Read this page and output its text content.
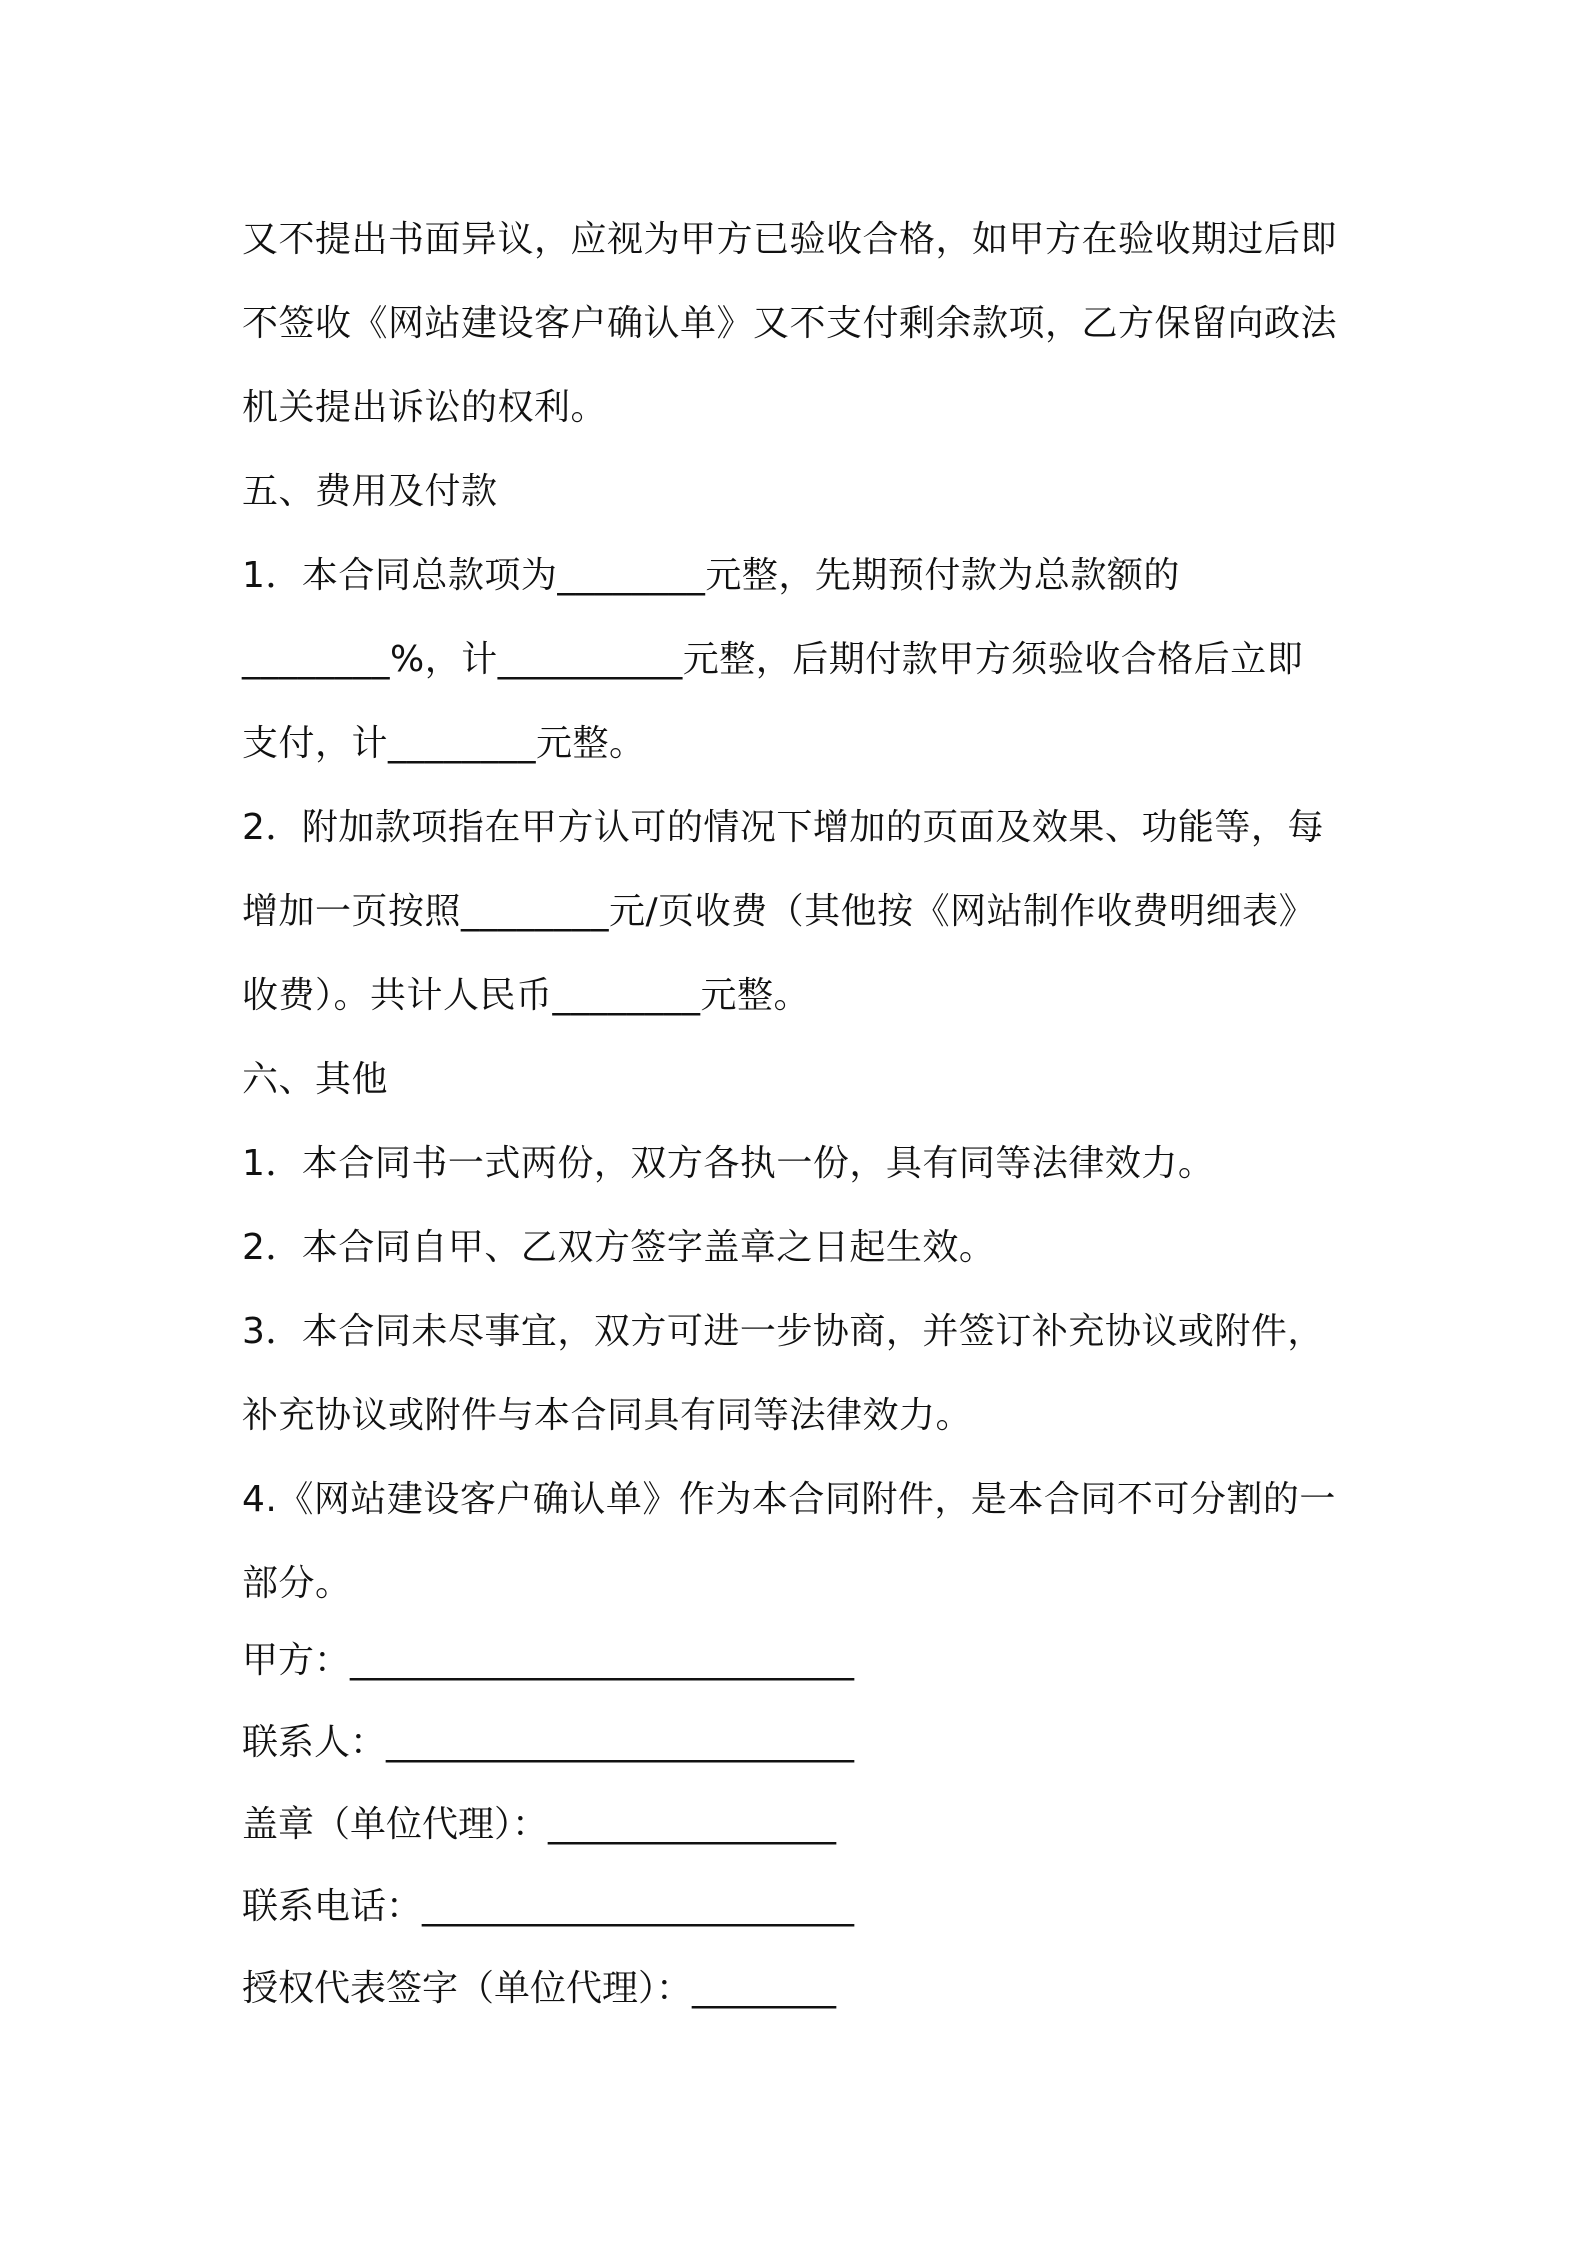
又不提出书面异议，应视为甲方已验收合格，如甲方在验收期过后即
不签收《网站建设客户确认单》又不支付剩余款项，乙方保留向政法
机关提出诉讼的权利。
五、费用及付款
1．本合同总款项为________元整，先期预付款为总款额的
________%，计__________元整，后期付款甲方须验收合格后立即
支付，计________元整。
2．附加款项指在甲方认可的情况下增加的页面及效果、功能等，每
增加一页按照________元/页收费（其他按《网站制作收费明细表》
收费）。共计人民币________元整。
六、其他
1．本合同书一式两份，双方各执一份，具有同等法律效力。
2．本合同自甲、乙双方签字盖章之日起生效。
3．本合同未尽事宜，双方可进一步协商，并签订补充协议或附件，
补充协议或附件与本合同具有同等法律效力。
4.《网站建设客户确认单》作为本合同附件，是本合同不可分割的一
部分。
甲方：____________________________
联系人：__________________________
盖章（单位代理）：________________
联系电话：________________________
授权代表签字（单位代理）：________
